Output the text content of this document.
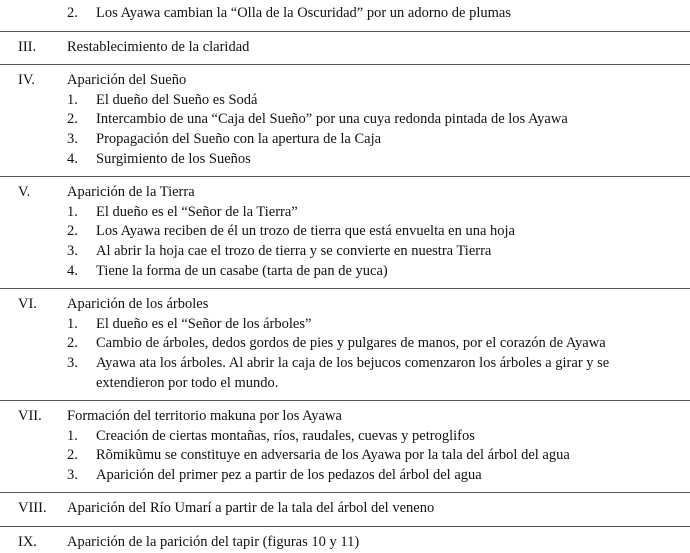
2. Los Ayawa cambian la “Olla de la Oscuridad” por un adorno de plumas
III.	Restablecimiento de la claridad
IV.	Aparición del Sueño
1. El dueño del Sueño es Sodá
2. Intercambio de una “Caja del Sueño” por una cuya redonda pintada de los Ayawa
3. Propagación del Sueño con la apertura de la Caja
4. Surgimiento de los Sueños
V.	Aparición de la Tierra
1. El dueño es el “Señor de la Tierra”
2. Los Ayawa reciben de él un trozo de tierra que está envuelta en una hoja
3. Al abrir la hoja cae el trozo de tierra y se convierte en nuestra Tierra
4. Tiene la forma de un casabe (tarta de pan de yuca)
VI.	Aparición de los árboles
1. El dueño es el “Señor de los árboles”
2. Cambio de árboles, dedos gordos de pies y pulgares de manos, por el corazón de Ayawa
3. Ayawa ata los árboles. Al abrir la caja de los bejucos comenzaron los árboles a girar y se extendieron por todo el mundo.
VII.	Formación del territorio makuna por los Ayawa
1. Creación de ciertas montañas, ríos, raudales, cuevas y petroglifos
2. Rõmikũmu se constituye en adversaria de los Ayawa por la tala del árbol del agua
3. Aparición del primer pez a partir de los pedazos del árbol del agua
VIII.	Aparición del Río Umarí a partir de la tala del árbol del veneno
IX.	Aparición de la parición del tapir (figuras 10 y 11)
